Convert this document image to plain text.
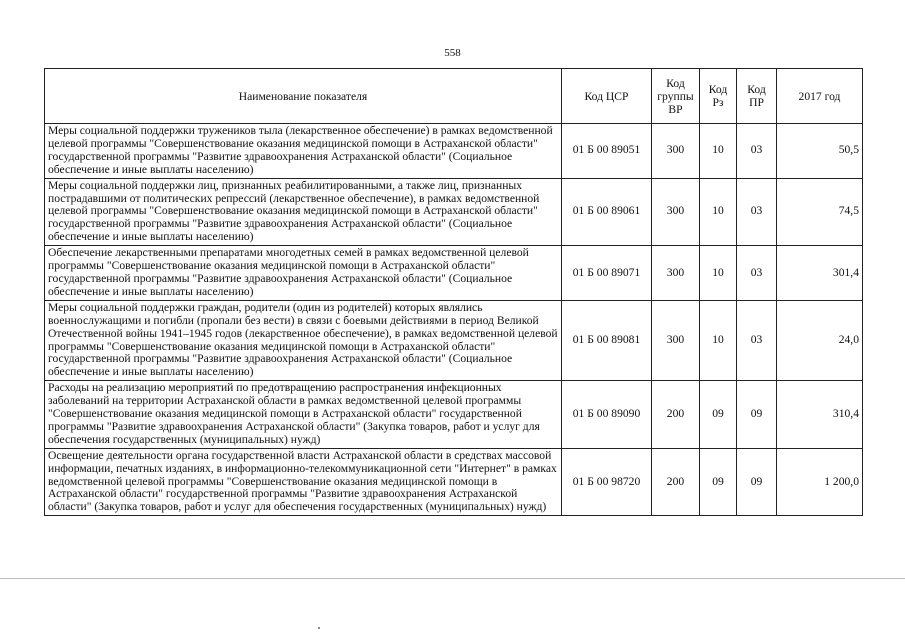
558
Наименование показателя	Код ЦСР	Код группы ВР	Код Рз	Код ПР	2017 год
Меры социальной поддержки тружеников тыла (лекарственное обеспечение) в рамках ведомственной целевой программы "Совершенствование оказания медицинской помощи в Астраханской области" государственной программы "Развитие здравоохранения Астраханской области" (Социальное обеспечение и иные выплаты населению)	01 Б 00 89051	300	10	03	50,5
Меры социальной поддержки лиц, признанных реабилитированными, а также лиц, признанных пострадавшими от политических репрессий (лекарственное обеспечение), в рамках ведомственной целевой программы "Совершенствование оказания медицинской помощи в Астраханской области" государственной программы "Развитие здравоохранения Астраханской области" (Социальное обеспечение и иные выплаты населению)	01 Б 00 89061	300	10	03	74,5
Обеспечение лекарственными препаратами многодетных семей в рамках ведомственной целевой программы "Совершенствование оказания медицинской помощи в Астраханской области" государственной программы "Развитие здравоохранения Астраханской области" (Социальное обеспечение и иные выплаты населению)	01 Б 00 89071	300	10	03	301,4
Меры социальной поддержки граждан, родители (один из родителей) которых являлись военнослужащими и погибли (пропали без вести) в связи с боевыми действиями в период Великой Отечественной войны 1941–1945 годов (лекарственное обеспечение), в рамках ведомственной целевой программы "Совершенствование оказания медицинской помощи в Астраханской области" государственной программы "Развитие здравоохранения Астраханской области" (Социальное обеспечение и иные выплаты населению)	01 Б 00 89081	300	10	03	24,0
Расходы на реализацию мероприятий по предотвращению распространения инфекционных заболеваний на территории Астраханской области в рамках ведомственной целевой программы "Совершенствование оказания медицинской помощи в Астраханской области" государственной программы "Развитие здравоохранения Астраханской области" (Закупка товаров, работ и услуг для обеспечения государственных (муниципальных) нужд)	01 Б 00 89090	200	09	09	310,4
Освещение деятельности органа государственной власти Астраханской области в средствах массовой информации, печатных изданиях, в информационно-телекоммуникационной сети "Интернет" в рамках ведомственной целевой программы "Совершенствование оказания медицинской помощи в Астраханской области" государственной программы "Развитие здравоохранения Астраханской области" (Закупка товаров, работ и услуг для обеспечения государственных (муниципальных) нужд)	01 Б 00 98720	200	09	09	1 200,0
